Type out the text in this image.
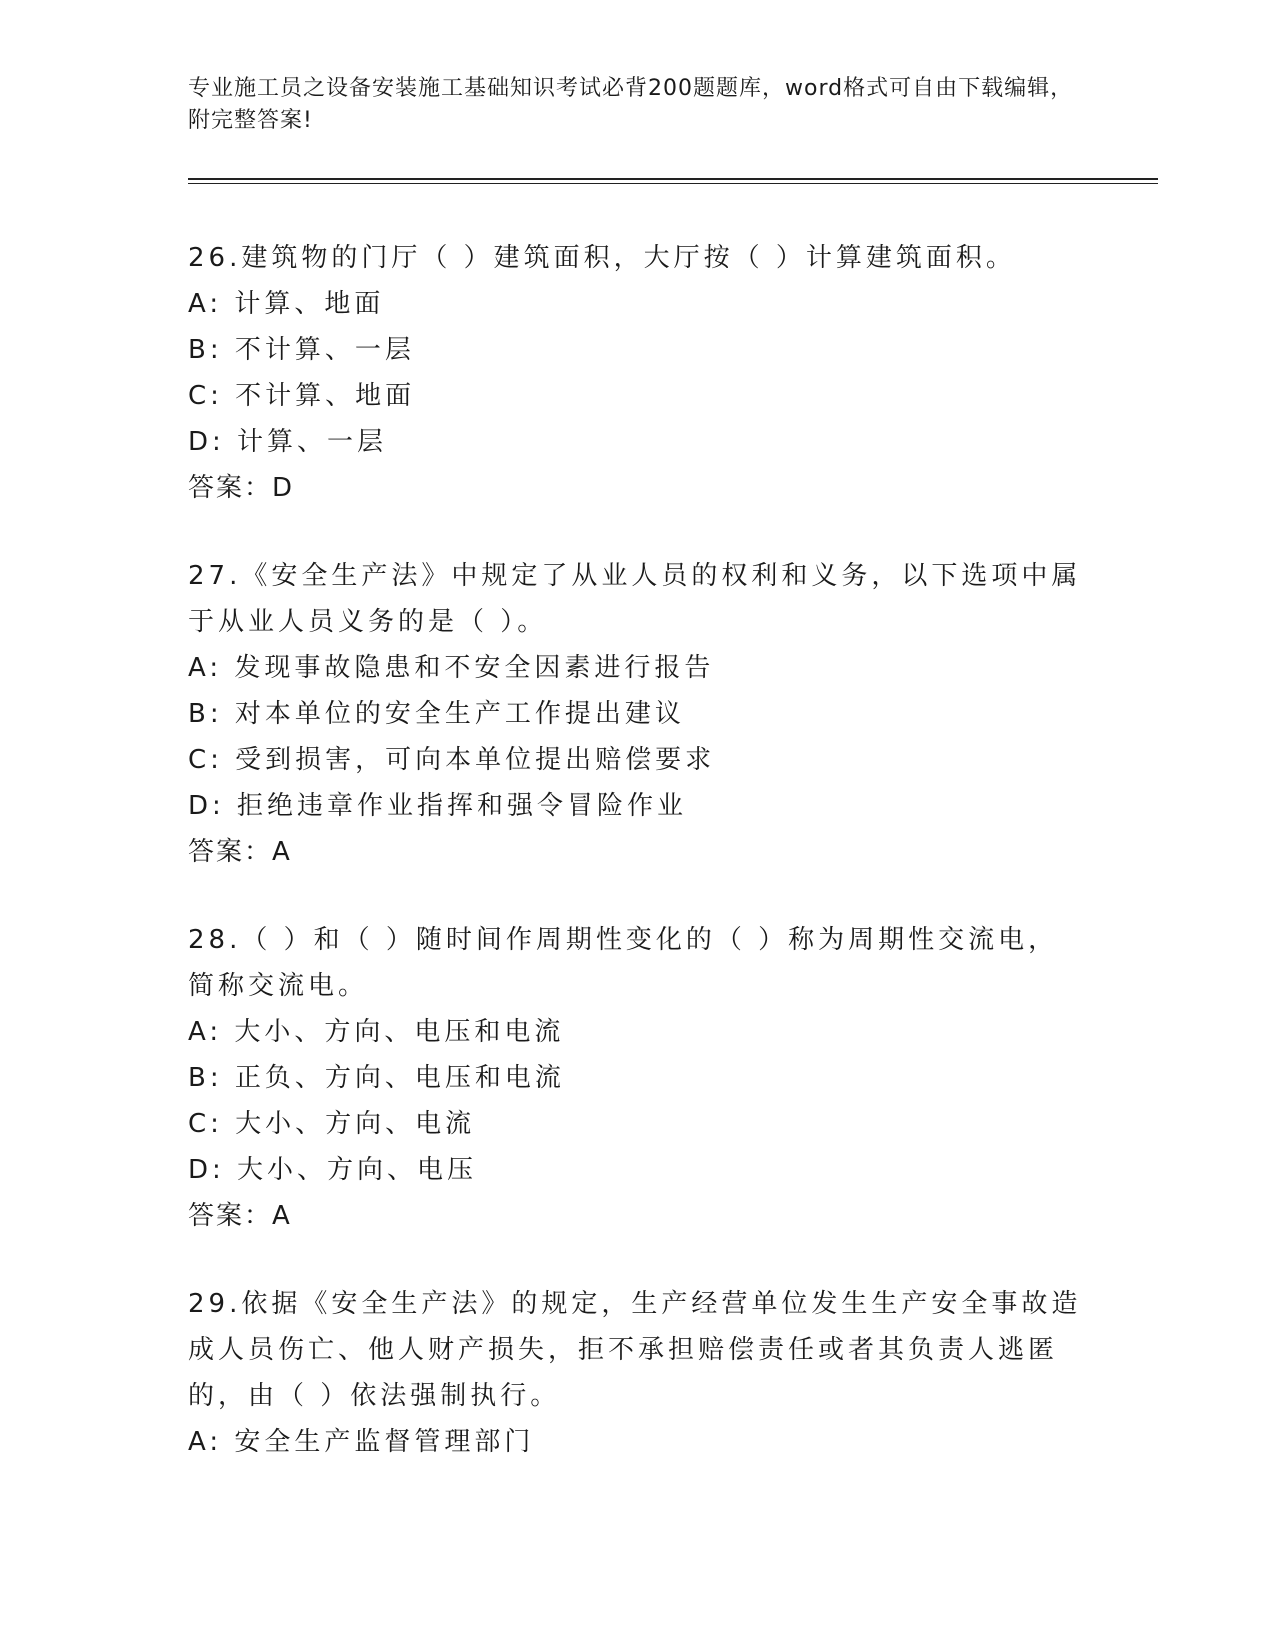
专业施工员之设备安装施工基础知识考试必背200题题库，word格式可自由下载编辑，附完整答案!
26.建筑物的门厅（ ）建筑面积，大厅按（ ）计算建筑面积。
A: 计算、地面
B: 不计算、一层
C: 不计算、地面
D: 计算、一层
答案：D
27.《安全生产法》中规定了从业人员的权利和义务，以下选项中属于从业人员义务的是（ ）。
A: 发现事故隐患和不安全因素进行报告
B: 对本单位的安全生产工作提出建议
C: 受到损害，可向本单位提出赔偿要求
D: 拒绝违章作业指挥和强令冒险作业
答案：A
28.（ ）和（ ）随时间作周期性变化的（ ）称为周期性交流电，简称交流电。
A: 大小、方向、电压和电流
B: 正负、方向、电压和电流
C: 大小、方向、电流
D: 大小、方向、电压
答案：A
29.依据《安全生产法》的规定，生产经营单位发生生产安全事故造成人员伤亡、他人财产损失，拒不承担赔偿责任或者其负责人逃匿的，由（ ）依法强制执行。
A: 安全生产监督管理部门
